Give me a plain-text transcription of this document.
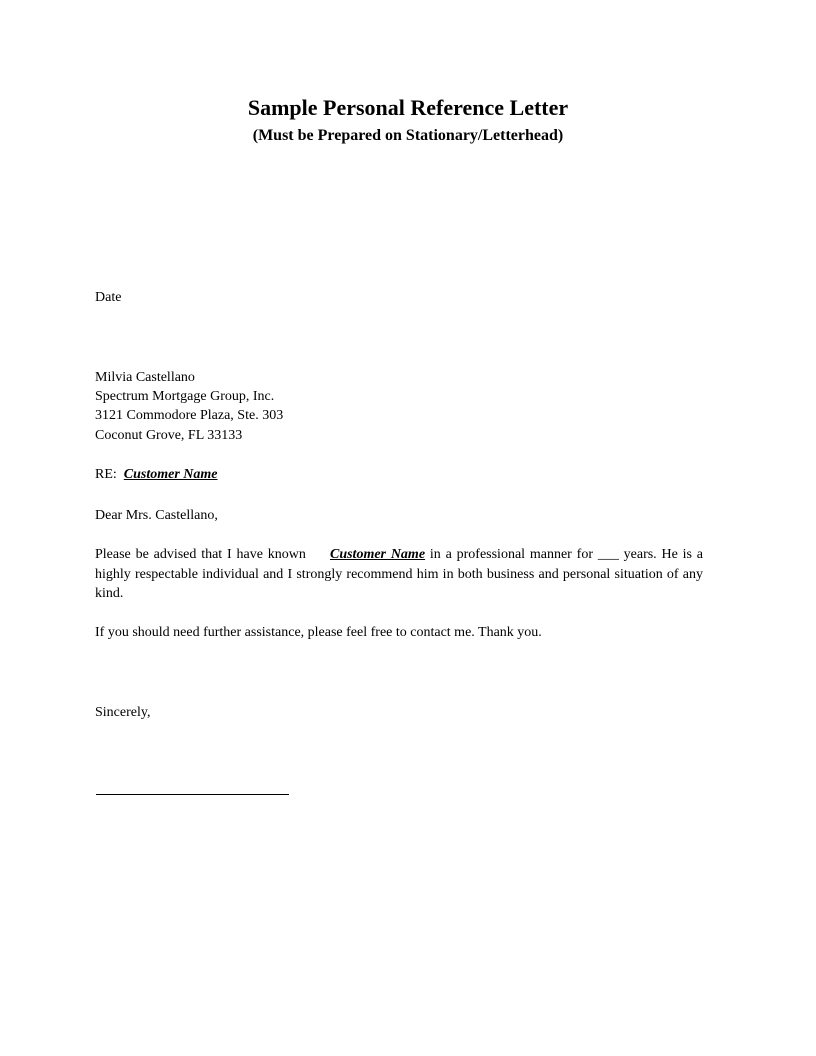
Sample Personal Reference Letter

(Must be Prepared on Stationary/Letterhead)

Date
Milvia Castellano
Spectrum Mortgage Group, Inc.
3121 Commodore Plaza, Ste. 303
Coconut Grove, FL 33133
RE: Customer Name
Dear Mrs. Castellano,
Please be advised that I have known Customer Name in a professional manner for ___ years. He is a highly respectable individual and I strongly recommend him in both business and personal situation of any kind.
If you should need further assistance, please feel free to contact me. Thank you.
Sincerely,
